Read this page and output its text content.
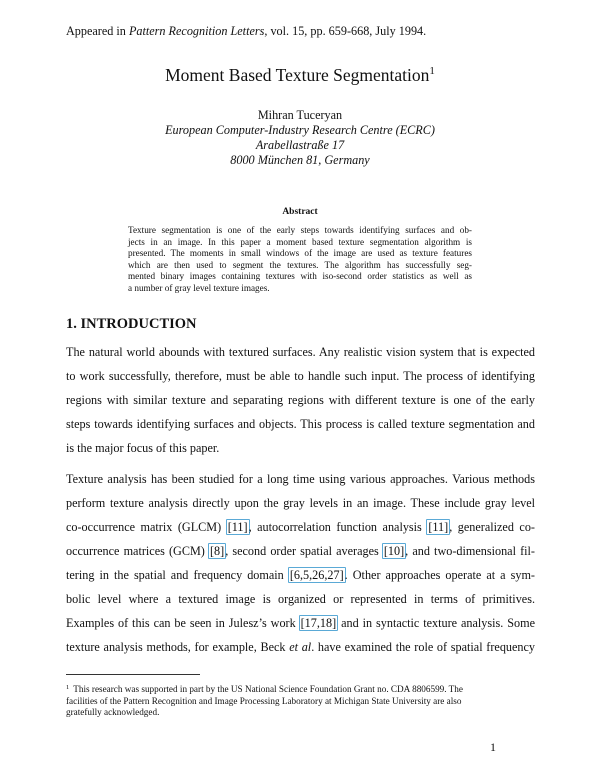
Appeared in Pattern Recognition Letters, vol. 15, pp. 659-668, July 1994.
Moment Based Texture Segmentation$^1$
Mihran Tuceryan
European Computer-Industry Research Centre (ECRC)
Arabellastraße 17
8000 München 81, Germany
Abstract
Texture segmentation is one of the early steps towards identifying surfaces and ob-
jects in an image. In this paper a moment based texture segmentation algorithm is
presented. The moments in small windows of the image are used as texture features
which are then used to segment the textures. The algorithm has successfully seg-
mented binary images containing textures with iso-second order statistics as well as
a number of gray level texture images.
1. INTRODUCTION
The natural world abounds with textured surfaces. Any realistic vision system that is expected
to work successfully, therefore, must be able to handle such input. The process of identifying
regions with similar texture and separating regions with different texture is one of the early
steps towards identifying surfaces and objects. This process is called texture segmentation and
is the major focus of this paper.
Texture analysis has been studied for a long time using various approaches. Various methods
perform texture analysis directly upon the gray levels in an image. These include gray level
co-occurrence matrix (GLCM) [11], autocorrelation function analysis [11], generalized co-
occurrence matrices (GCM) [8], second order spatial averages [10], and two-dimensional fil-
tering in the spatial and frequency domain [6,5,26,27]. Other approaches operate at a sym-
bolic level where a textured image is organized or represented in terms of primitives.
Examples of this can be seen in Julesz’s work [17,18] and in syntactic texture analysis. Some
texture analysis methods, for example, Beck et al. have examined the role of spatial frequency
$^1$ This research was supported in part by the US National Science Foundation Grant no. CDA 8806599. The
facilities of the Pattern Recognition and Image Processing Laboratory at Michigan State University are also
gratefully acknowledged.
1
